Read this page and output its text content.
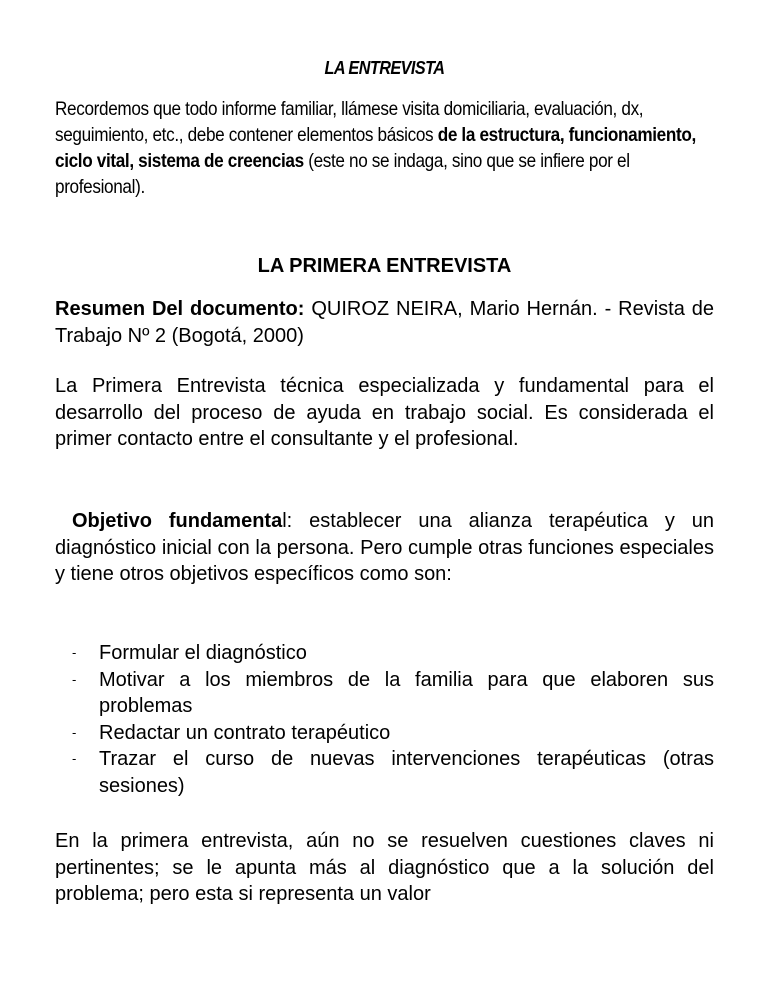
LA ENTREVISTA
Recordemos que todo informe familiar, llámese visita domiciliaria, evaluación, dx, seguimiento, etc., debe contener elementos básicos de la estructura, funcionamiento, ciclo vital, sistema de creencias (este no se indaga, sino que se infiere por el profesional).
LA PRIMERA ENTREVISTA
Resumen Del documento: QUIROZ NEIRA, Mario Hernán. - Revista de Trabajo Nº 2 (Bogotá, 2000)
La Primera Entrevista técnica especializada y fundamental para el desarrollo del proceso de ayuda en trabajo social. Es considerada el primer contacto entre el consultante y el profesional.
Objetivo fundamental: establecer una alianza terapéutica y un diagnóstico inicial con la persona. Pero cumple otras funciones especiales y tiene otros objetivos específicos como son:
- Formular el diagnóstico
- Motivar a los miembros de la familia para que elaboren sus problemas
- Redactar un contrato terapéutico
- Trazar el curso de nuevas intervenciones terapéuticas (otras sesiones)
En la primera entrevista, aún no se resuelven cuestiones claves ni pertinentes; se le apunta más al diagnóstico que a la solución del problema; pero esta si representa un valor
